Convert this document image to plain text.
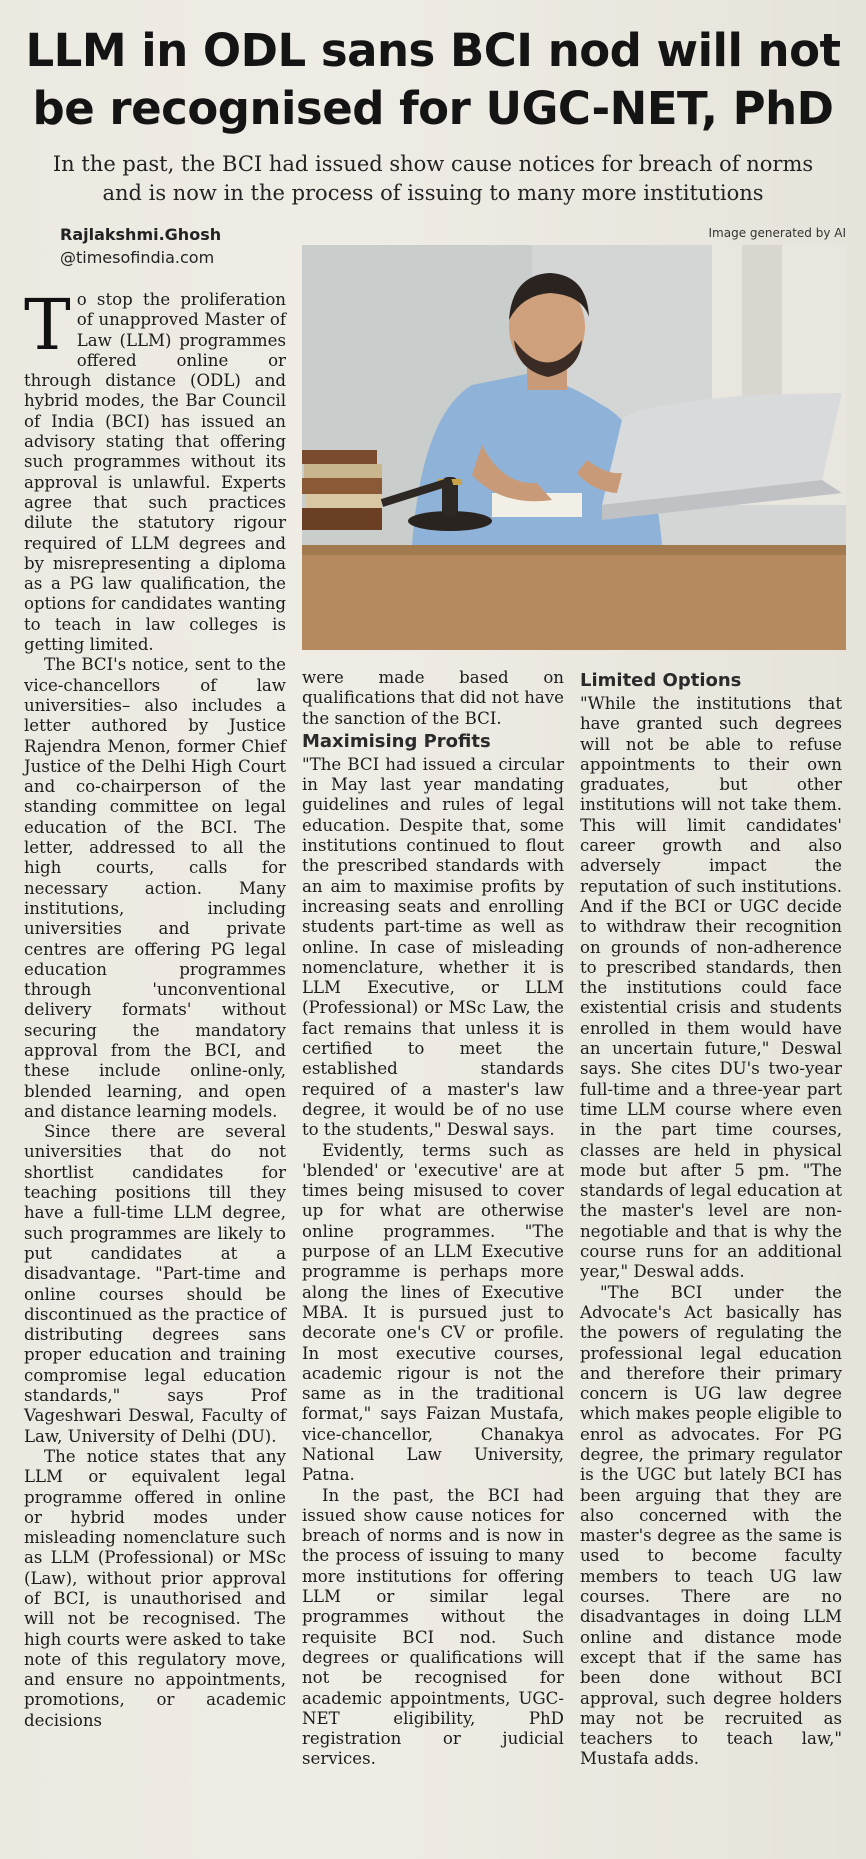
LLM in ODL sans BCI nod will not
be recognised for UGC-NET, PhD
In the past, the BCI had issued show cause notices for breach of norms
and is now in the process of issuing to many more institutions
Rajlakshmi.Ghosh
@timesofindia.com
Image generated by AI

To stop the proliferation of unapproved Master of Law (LLM) programmes offered online or through distance (ODL) and hybrid modes, the Bar Council of India (BCI) has issued an advisory stating that offering such programmes without its approval is unlawful. Experts agree that such practices dilute the statutory rigour required of LLM degrees and by misrepresenting a diploma as a PG law qualification, the options for candidates wanting to teach in law colleges is getting limited.

The BCI's notice, sent to the vice-chancellors of law universities– also includes a letter authored by Justice Rajendra Menon, former Chief Justice of the Delhi High Court and co-chairperson of the standing committee on legal education of the BCI. The letter, addressed to all the high courts, calls for necessary action. Many institutions, including universities and private centres are offering PG legal education programmes through 'unconventional delivery formats' without securing the mandatory approval from the BCI, and these include online-only, blended learning, and open and distance learning models.

Since there are several universities that do not shortlist candidates for teaching positions till they have a full-time LLM degree, such programmes are likely to put candidates at a disadvantage. "Part-time and online courses should be discontinued as the practice of distributing degrees sans proper education and training compromise legal education standards," says Prof Vageshwari Deswal, Faculty of Law, University of Delhi (DU).

The notice states that any LLM or equivalent legal programme offered in online or hybrid modes under misleading nomenclature such as LLM (Professional) or MSc (Law), without prior approval of BCI, is unauthorised and will not be recognised. The high courts were asked to take note of this regulatory move, and ensure no appointments, promotions, or academic decisions

were made based on qualifications that did not have the sanction of the BCI.

Maximising Profits

"The BCI had issued a circular in May last year mandating guidelines and rules of legal education. Despite that, some institutions continued to flout the prescribed standards with an aim to maximise profits by increasing seats and enrolling students part-time as well as online. In case of misleading nomenclature, whether it is LLM Executive, or LLM (Professional) or MSc Law, the fact remains that unless it is certified to meet the established standards required of a master's law degree, it would be of no use to the students," Deswal says.

Evidently, terms such as 'blended' or 'executive' are at times being misused to cover up for what are otherwise online programmes. "The purpose of an LLM Executive programme is perhaps more along the lines of Executive MBA. It is pursued just to decorate one's CV or profile. In most executive courses, academic rigour is not the same as in the traditional format," says Faizan Mustafa, vice-chancellor, Chanakya National Law University, Patna.

In the past, the BCI had issued show cause notices for breach of norms and is now in the process of issuing to many more institutions for offering LLM or similar legal programmes without the requisite BCI nod. Such degrees or qualifications will not be recognised for academic appointments, UGC-NET eligibility, PhD registration or judicial services.

Limited Options

"While the institutions that have granted such degrees will not be able to refuse appointments to their own graduates, but other institutions will not take them. This will limit candidates' career growth and also adversely impact the reputation of such institutions. And if the BCI or UGC decide to withdraw their recognition on grounds of non-adherence to prescribed standards, then the institutions could face existential crisis and students enrolled in them would have an uncertain future," Deswal says. She cites DU's two-year full-time and a three-year part time LLM course where even in the part time courses, classes are held in physical mode but after 5 pm. "The standards of legal education at the master's level are non-negotiable and that is why the course runs for an additional year," Deswal adds.

"The BCI under the Advocate's Act basically has the powers of regulating the professional legal education and therefore their primary concern is UG law degree which makes people eligible to enrol as advocates. For PG degree, the primary regulator is the UGC but lately BCI has been arguing that they are also concerned with the master's degree as the same is used to become faculty members to teach UG law courses. There are no disadvantages in doing LLM online and distance mode except that if the same has been done without BCI approval, such degree holders may not be recruited as teachers to teach law," Mustafa adds.
